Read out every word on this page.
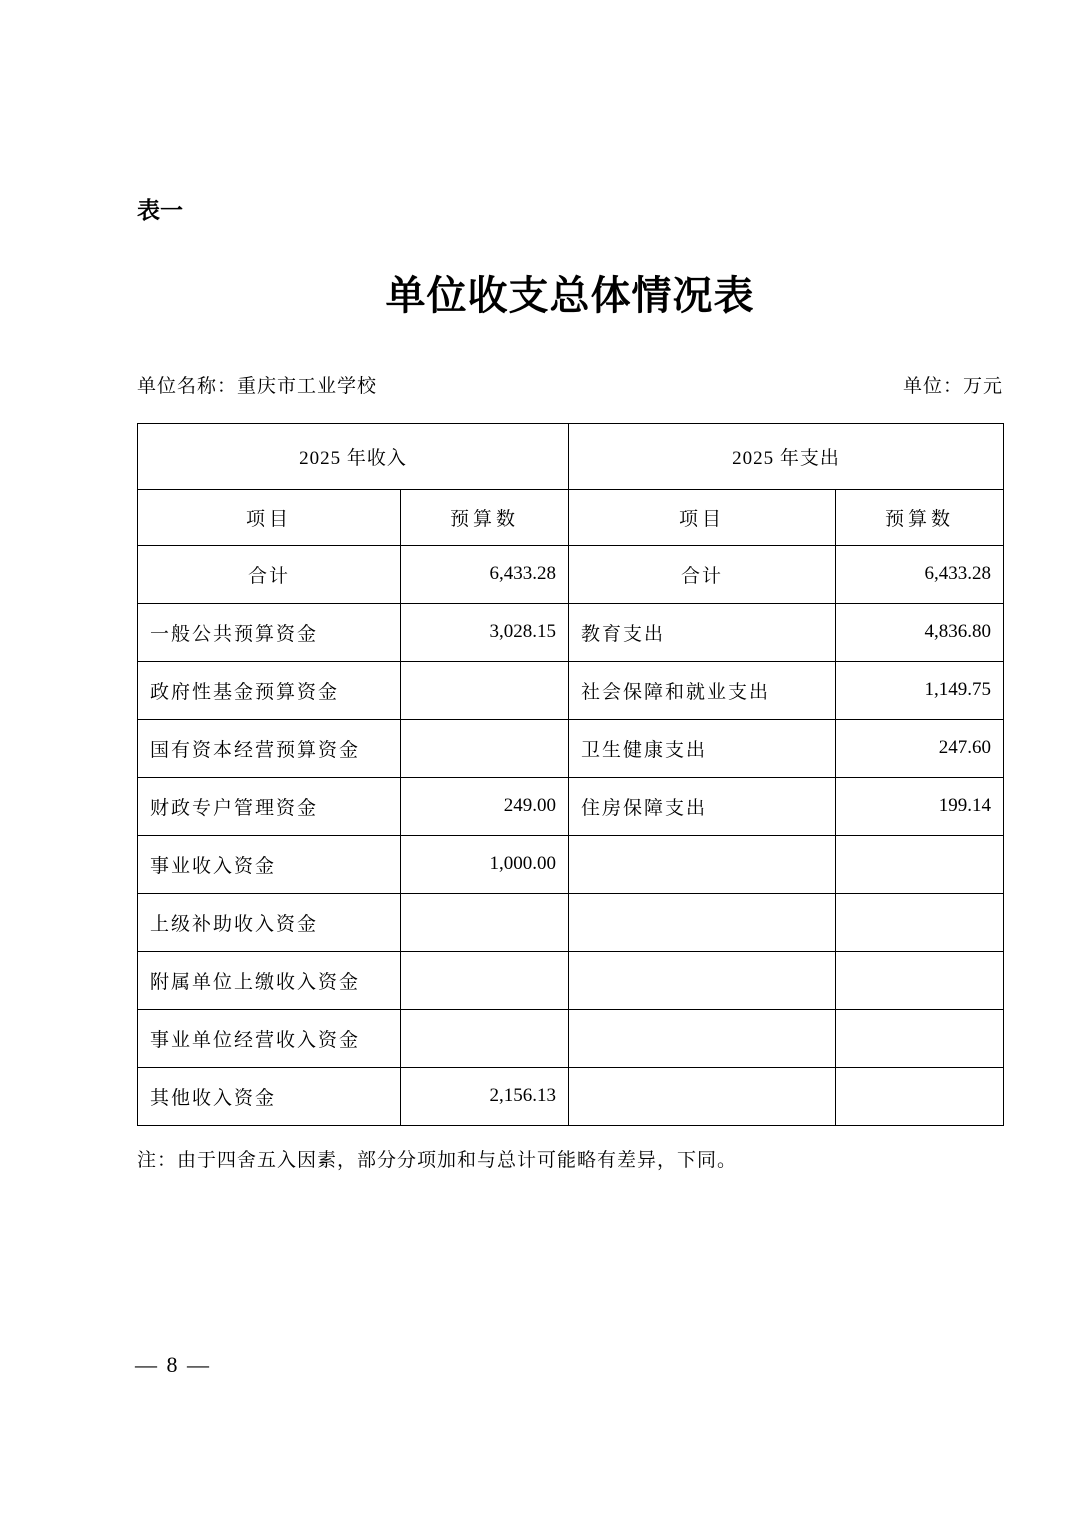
表一
单位收支总体情况表
单位名称：重庆市工业学校	单位：万元
2025 年收入		2025 年支出	
项目	预算数	项目	预算数
合计	6,433.28	合计	6,433.28
一般公共预算资金	3,028.15	教育支出	4,836.80
政府性基金预算资金		社会保障和就业支出	1,149.75
国有资本经营预算资金		卫生健康支出	247.60
财政专户管理资金	249.00	住房保障支出	199.14
事业收入资金	1,000.00		
上级补助收入资金			
附属单位上缴收入资金			
事业单位经营收入资金			
其他收入资金	2,156.13		
注：由于四舍五入因素，部分分项加和与总计可能略有差异，下同。
— 8 —
